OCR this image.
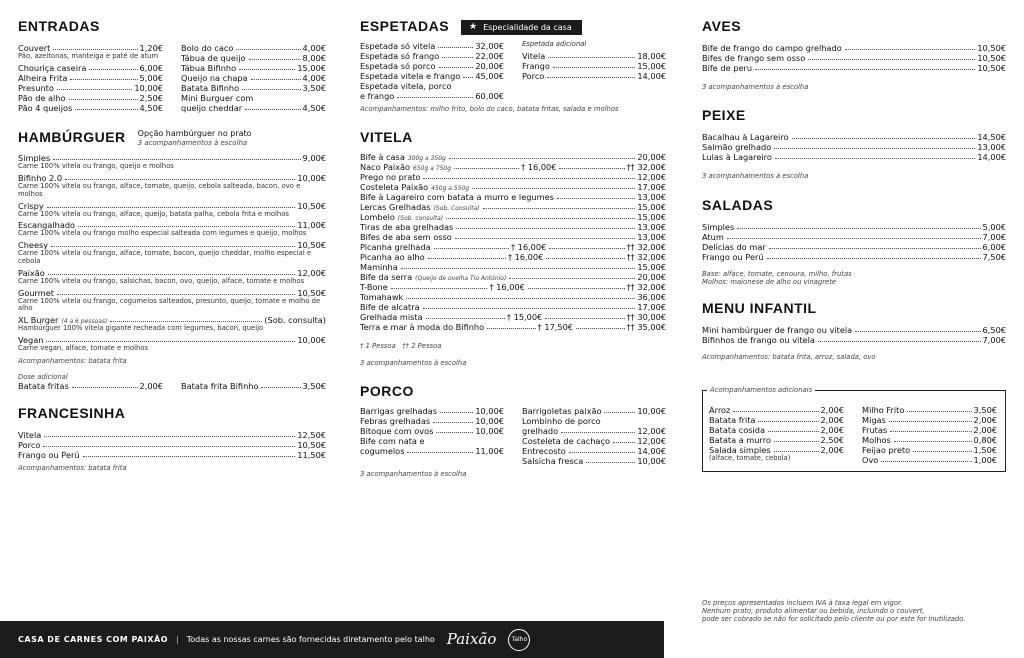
ENTRADAS
Couvert	1,20€
Pão, azeitonas, manteiga e paté de atum
Chouriça caseira	6,00€
Alheira Frita	5,00€
Presunto	10,00€
Pão de alho	2,50€
Pão 4 queijos	4,50€
Bolo do caco	4,00€
Tábua de queijo	8,00€
Tábua Bifinho	15,00€
Queijo na chapa	4,00€
Batata Bifinho	3,50€
Mini Burguer com
queijo cheddar	4,50€
HAMBÚRGUER Opção hambúrguer no prato
3 acompanhamentos à escolha
Simples	9,00€
Carne 100% vitela ou frango, queijo e molhos
Bifinho 2.0	10,00€
Carne 100% vitela ou frango, alface, tomate, queijo, cebola salteada, bacon, ovo e molhos
Crispy	10,50€
Carne 100% vitela ou frango, alface, queijo, batata palha, cebola frita e molhos
Escangalhado	11,00€
Carne 100% vitela ou frango molho especial salteada com legumes e queijo, molhos
Cheesy	10,50€
Carne 100% vitela ou frango, alface, tomate, bacon, queijo cheddar, molho especial e cebola
Paixão	12,00€
Carne 100% vitela ou frango, salsichas, bacon, ovo, queijo, alface, tomate e molhos
Gourmet	10,50€
Carne 100% vitela ou frango, cogumelos salteados, presunto, queijo, tomate e molho de alho
XL Burger (4 a 6 pessoas)	(Sob. consulta)
Hambúrguer 100% vitela gigante recheada com legumes, bacon, queijo
Vegan	10,00€
Carne vegan, alface, tomate e molhos
Acompanhamentos: batata frita
Dose adicional
Batata fritas	2,00€ Batata frita Bifinho	3,50€
FRANCESINHA
Vitela	12,50€
Porco	10,50€
Frango ou Perú	11,50€
Acompanhamentos: batata frita
ESPETADAS ★ Especialidade da casa
Espetada só vitela	32,00€
Espetada só frango	22,00€
Espetada só porco	20,00€
Espetada vitela e frango 45,00€
Espetada vitela, porco
e frango	60,00€
Espetada adicional
Vitela	18,00€
Frango	15,00€
Porco	14,00€
Acompanhamentos: milho frito, bolo do caco, batata fritas, salada e molhos
VITELA
Bife à casa 300g a 350g	20,00€
Naco Paixão 650g a 750g	† 16,00€	†† 32,00€
Prego no prato	12,00€
Costeleta Paixão 450g a 550g	17,00€
Bife à Lagareiro com batata a murro e legumes	13,00€
Lercas Grelhadas (Sob. Consulta)	15,00€
Lombelo (Sob. consulta)	15,00€
Tiras de aba grelhadas	13,00€
Bifes de aba sem osso	13,00€
Picanha grelhada	† 16,00€	†† 32,00€
Picanha ao alho	† 16,00€	†† 32,00€
Maminha	15,00€
Bife da serra (Queijo de ovelha Tio António)	20,00€
T-Bone	† 16,00€	†† 32,00€
Tomahawk	36,00€
Bife de alcatra	17,00€
Grelhada mista	† 15,00€	†† 30,00€
Terra e mar à moda do Bifinho	† 17,50€	†† 35,00€
† 1 Pessoa †† 2 Pessoa
3 acompanhamentos à escolha
PORCO
Barrigas grelhadas	10,00€
Febras grelhadas	10,00€
Bitoque com ovos	10,00€
Bife com nata e
cogumelos	11,00€
Barrigoletas paixão	10,00€
Lombinho de porco
grelhado	12,00€
Costeleta de cachaço	12,00€
Entrecosto	14,00€
Salsicha fresca	10,00€
3 acompanhamentos à escolha
AVES
Bife de frango do campo grelhado	10,50€
Bifes de frango sem osso	10,50€
Bife de peru	10,50€
3 acompanhamentos à escolha
PEIXE
Bacalhau à Lagareiro	14,50€
Salmão grelhado	13,00€
Lulas à Lagareiro	14,00€
3 acompanhamentos à escolha
SALADAS
Simples	5,00€
Atum	7,00€
Delicias do mar	6,00€
Frango ou Perú	7,50€
Base: alface, tomate, cenoura, milho, frutas
Molhos: maionese de alho ou vinagrete
MENU INFANTIL
Mini hambúrguer de frango ou vitela	6,50€
Bifinhos de frango ou vitela	7,00€
Acompanhamentos: batata frita, arroz, salada, ovo
Acompanhamentos adicionais
Arroz	2,00€
Batata frita	2,00€
Batata cosida	2,00€
Batata a murro	2,50€
Salada simples	2,00€
(alface, tomate, cebola)
Milho Frito	3,50€
Migas	2,00€
Frutas	2,00€
Molhos	0,80€
Feijao preto	1,50€
Ovo	1,00€
Os preços apresentados incluem IVA à taxa legal em vigor.
Nenhum prato, produto alimentar ou bebida, incluindo o couvert,
pode ser cobrado se não for solicitado pelo cliente ou por este for inutilizado.
CASA DE CARNES COM PAIXÃO | Todas as nossas carnes são fornecidas diretamento pelo talho Paixão	Talho
